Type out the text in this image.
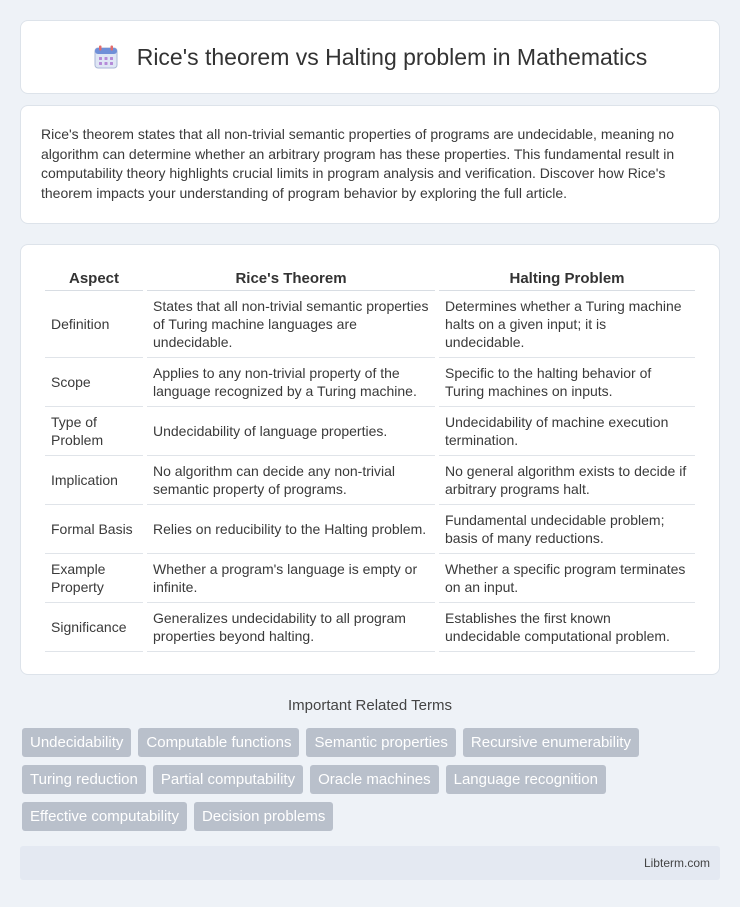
Rice's theorem vs Halting problem in Mathematics

Rice's theorem states that all non-trivial semantic properties of programs are undecidable, meaning no algorithm can determine whether an arbitrary program has these properties. This fundamental result in computability theory highlights crucial limits in program analysis and verification. Discover how Rice's theorem impacts your understanding of program behavior by exploring the full article.

Aspect	Rice's Theorem	Halting Problem
Definition	States that all non-trivial semantic properties of Turing machine languages are undecidable.	Determines whether a Turing machine halts on a given input; it is undecidable.
Scope	Applies to any non-trivial property of the language recognized by a Turing machine.	Specific to the halting behavior of Turing machines on inputs.
Type of Problem	Undecidability of language properties.	Undecidability of machine execution termination.
Implication	No algorithm can decide any non-trivial semantic property of programs.	No general algorithm exists to decide if arbitrary programs halt.
Formal Basis	Relies on reducibility to the Halting problem.	Fundamental undecidable problem; basis of many reductions.
Example Property	Whether a program's language is empty or infinite.	Whether a specific program terminates on an input.
Significance	Generalizes undecidability to all program properties beyond halting.	Establishes the first known undecidable computational problem.
Important Related Terms
Undecidability	Computable functions	Semantic properties	Recursive enumerability
Turing reduction	Partial computability	Oracle machines	Language recognition
Effective computability	Decision problems
Libterm.com
